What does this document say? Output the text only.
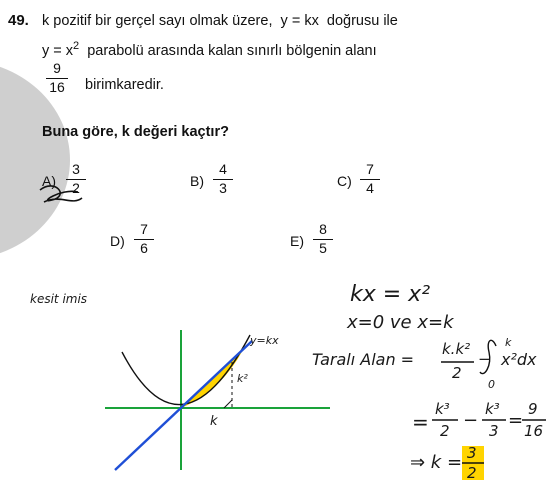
49. k pozitif bir gerçel sayı olmak üzere, y = kx doğrusu ile
$y = x^2$ parabolü arasında kalan sınırlı bölgenin alanı
9
16 birimkaredir.
Buna göre, k değeri kaçtır?
A)
3
2	B)
4
3	C)
7
4
D)
7
6	E)
8
5
kesit imis	kx = x²
x=0 ve x=k
Taralı Alan =
k.k²
2
−
k
0
x²dx
=
k³
2 −
k³
3 =
9
16
⇒ k = 3
2
y=kx
k²
k
